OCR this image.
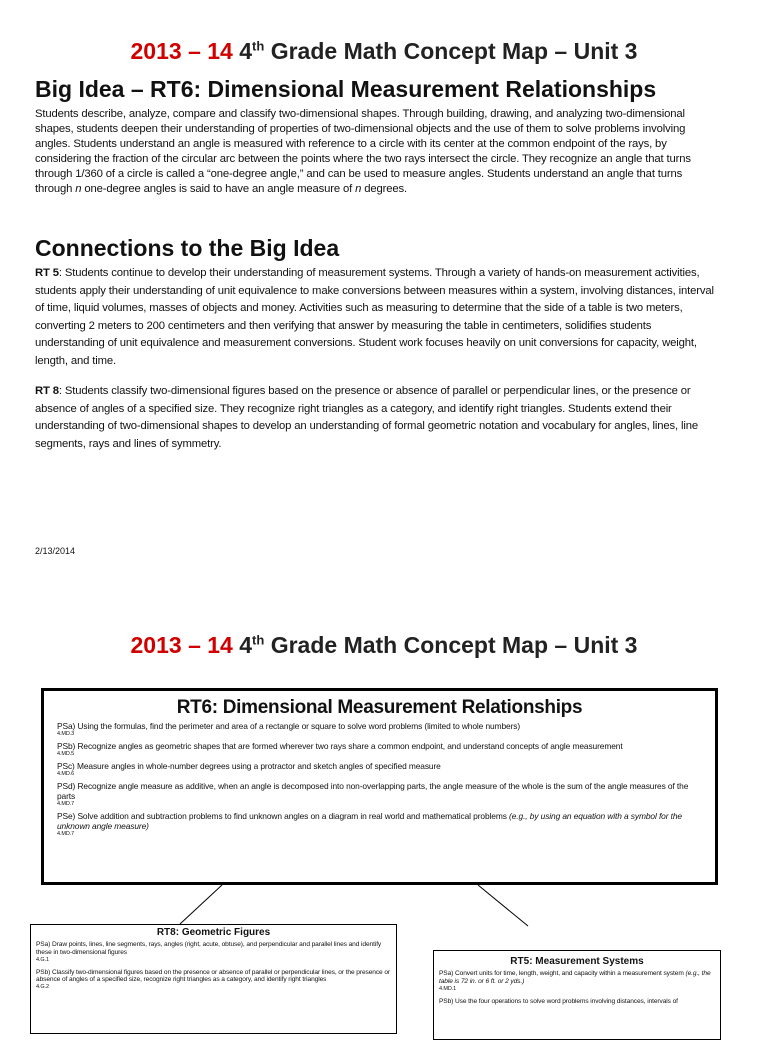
2013 – 14 4th Grade Math Concept Map – Unit 3
Big Idea – RT6: Dimensional Measurement Relationships

Students describe, analyze, compare and classify two-dimensional shapes. Through building, drawing, and analyzing two-dimensional shapes, students deepen their understanding of properties of two-dimensional objects and the use of them to solve problems involving angles. Students understand an angle is measured with reference to a circle with its center at the common endpoint of the rays, by considering the fraction of the circular arc between the points where the two rays intersect the circle. They recognize an angle that turns through 1/360 of a circle is called a “one-degree angle,” and can be used to measure angles. Students understand an angle that turns through n one-degree angles is said to have an angle measure of n degrees.

Connections to the Big Idea

RT 5: Students continue to develop their understanding of measurement systems. Through a variety of hands-on measurement activities, students apply their understanding of unit equivalence to make conversions between measures within a system, involving distances, interval of time, liquid volumes, masses of objects and money. Activities such as measuring to determine that the side of a table is two meters, converting 2 meters to 200 centimeters and then verifying that answer by measuring the table in centimeters, solidifies students understanding of unit equivalence and measurement conversions. Student work focuses heavily on unit conversions for capacity, weight, length, and time.

RT 8: Students classify two-dimensional figures based on the presence or absence of parallel or perpendicular lines, or the presence or absence of angles of a specified size. They recognize right triangles as a category, and identify right triangles. Students extend their understanding of two-dimensional shapes to develop an understanding of formal geometric notation and vocabulary for angles, lines, line segments, rays and lines of symmetry.

2/13/2014
2013 – 14 4th Grade Math Concept Map – Unit 3
RT6: Dimensional Measurement Relationships

PSa) Using the formulas, find the perimeter and area of a rectangle or square to solve word problems (limited to whole numbers)
4.MD.3

PSb) Recognize angles as geometric shapes that are formed wherever two rays share a common endpoint, and understand concepts of angle measurement
4.MD.5

PSc) Measure angles in whole-number degrees using a protractor and sketch angles of specified measure
4.MD.6

PSd) Recognize angle measure as additive, when an angle is decomposed into non-overlapping parts, the angle measure of the whole is the sum of the angle measures of the parts
4.MD.7

PSe) Solve addition and subtraction problems to find unknown angles on a diagram in real world and mathematical problems (e.g., by using an equation with a symbol for the unknown angle measure)
4.MD.7

RT8: Geometric Figures

PSa) Draw points, lines, line segments, rays, angles (right, acute, obtuse), and perpendicular and parallel lines and identify these in two-dimensional figures
4.G.1

PSb) Classify two-dimensional figures based on the presence or absence of parallel or perpendicular lines, or the presence or absence of angles of a specified size, recognize right triangles as a category, and identify right triangles
4.G.2

RT5: Measurement Systems

PSa) Convert units for time, length, weight, and capacity within a measurement system (e.g., the table is 72 in. or 6 ft. or 2 yds.)
4.MD.1

PSb) Use the four operations to solve word problems involving distances, intervals of
